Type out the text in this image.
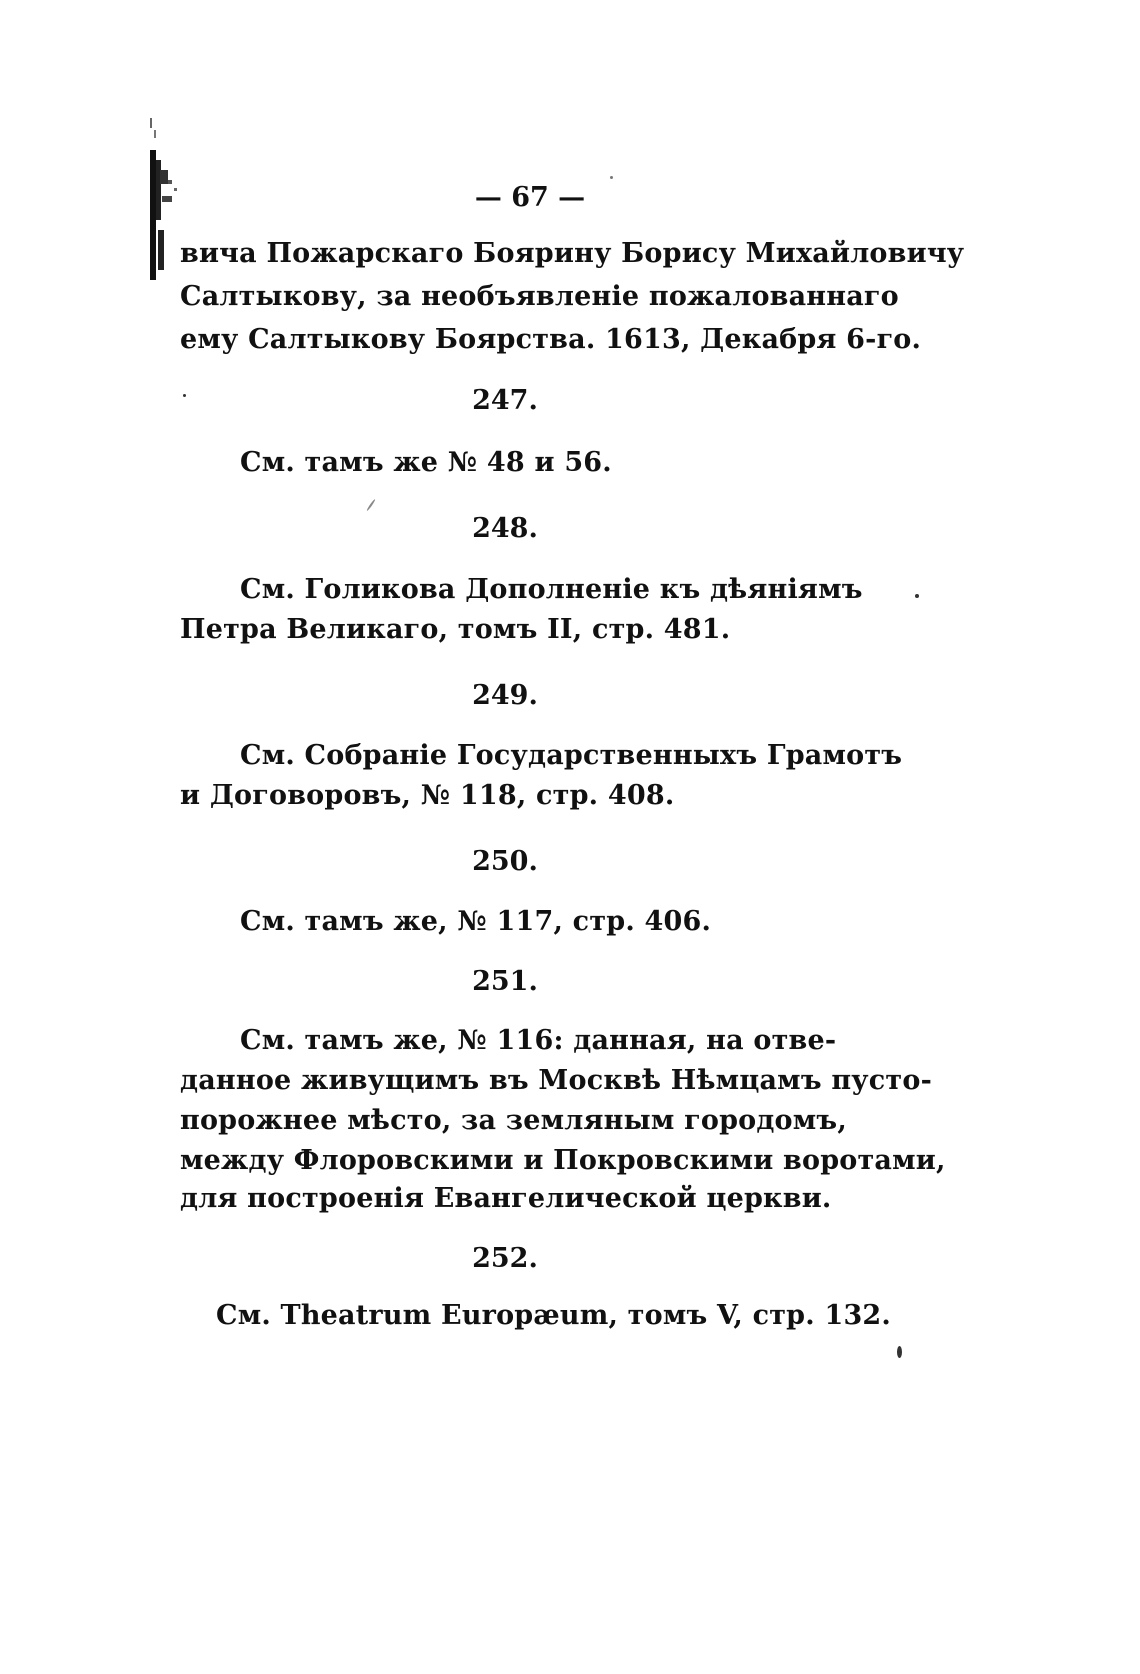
— 67 —
вича Пожарскаго Боярину Борису Михайловичу
Салтыкову, за необъявленіе пожалованнаго
ему Салтыкову Боярства. 1613, Декабря 6-го.
247.
См. тамъ же № 48 и 56.
248.
См. Голикова Дополненіе къ дѣяніямъ
Петра Великаго, томъ II, стр. 481.
249.
См. Собраніе Государственныхъ Грамотъ
и Договоровъ, № 118, стр. 408.
250.
См. тамъ же, № 117, стр. 406.
251.
См. тамъ же, № 116: данная, на отве-
данное живущимъ въ Москвѣ Нѣмцамъ пусто-
порожнее мѣсто, за земляным городомъ,
между Флоровскими и Покровскими воротами,
для построенія Евангелической церкви.
252.
См. Theatrum Europæum, томъ V, стр. 132.
